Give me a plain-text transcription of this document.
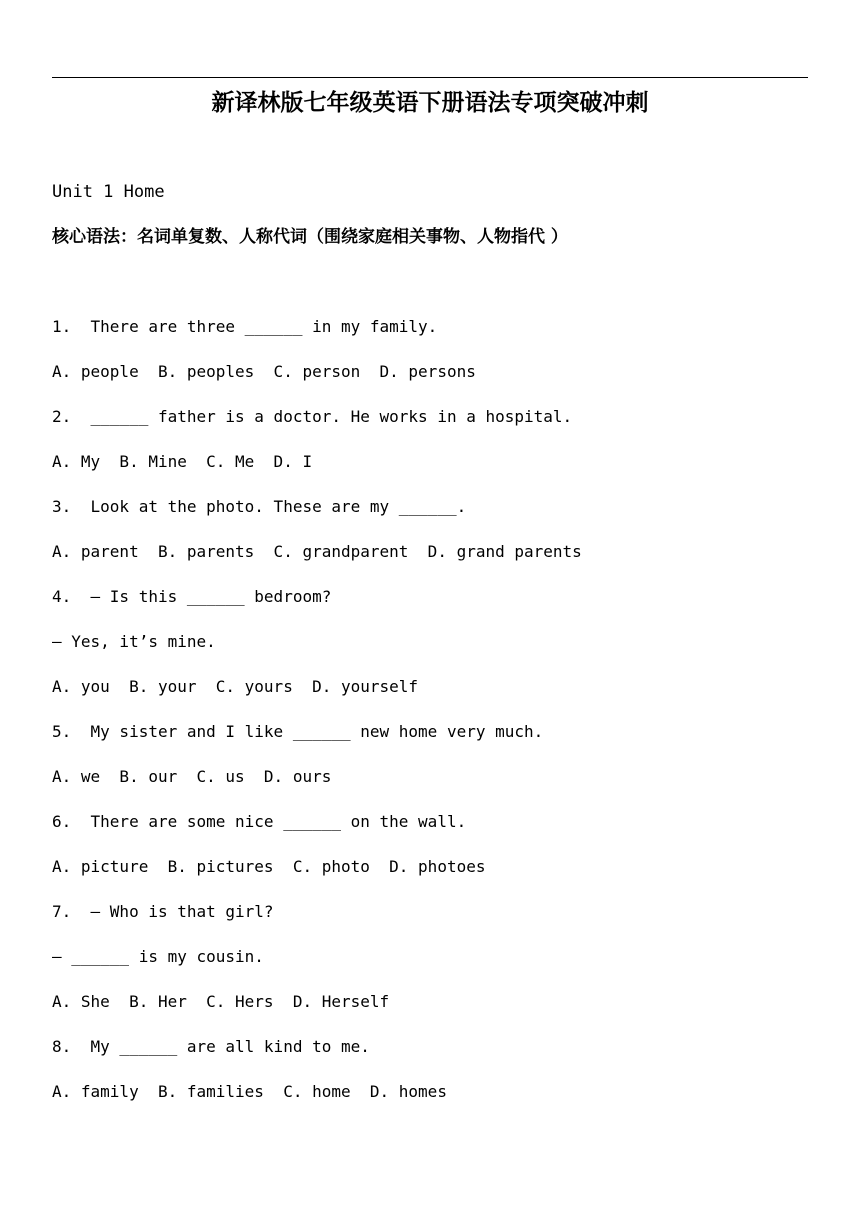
新译林版七年级英语下册语法专项突破冲刺

Unit 1 Home

核心语法：名词单复数、人称代词（围绕家庭相关事物、人物指代 ）

1.  There are three ______ in my family.

A. people  B. peoples  C. person  D. persons

2.  ______ father is a doctor. He works in a hospital.

A. My  B. Mine  C. Me  D. I

3.  Look at the photo. These are my ______.

A. parent  B. parents  C. grandparent  D. grand parents

4.  — Is this ______ bedroom?

— Yes, it’s mine.

A. you  B. your  C. yours  D. yourself

5.  My sister and I like ______ new home very much.

A. we  B. our  C. us  D. ours

6.  There are some nice ______ on the wall.

A. picture  B. pictures  C. photo  D. photoes

7.  — Who is that girl?

— ______ is my cousin.

A. She  B. Her  C. Hers  D. Herself

8.  My ______ are all kind to me.

A. family  B. families  C. home  D. homes
